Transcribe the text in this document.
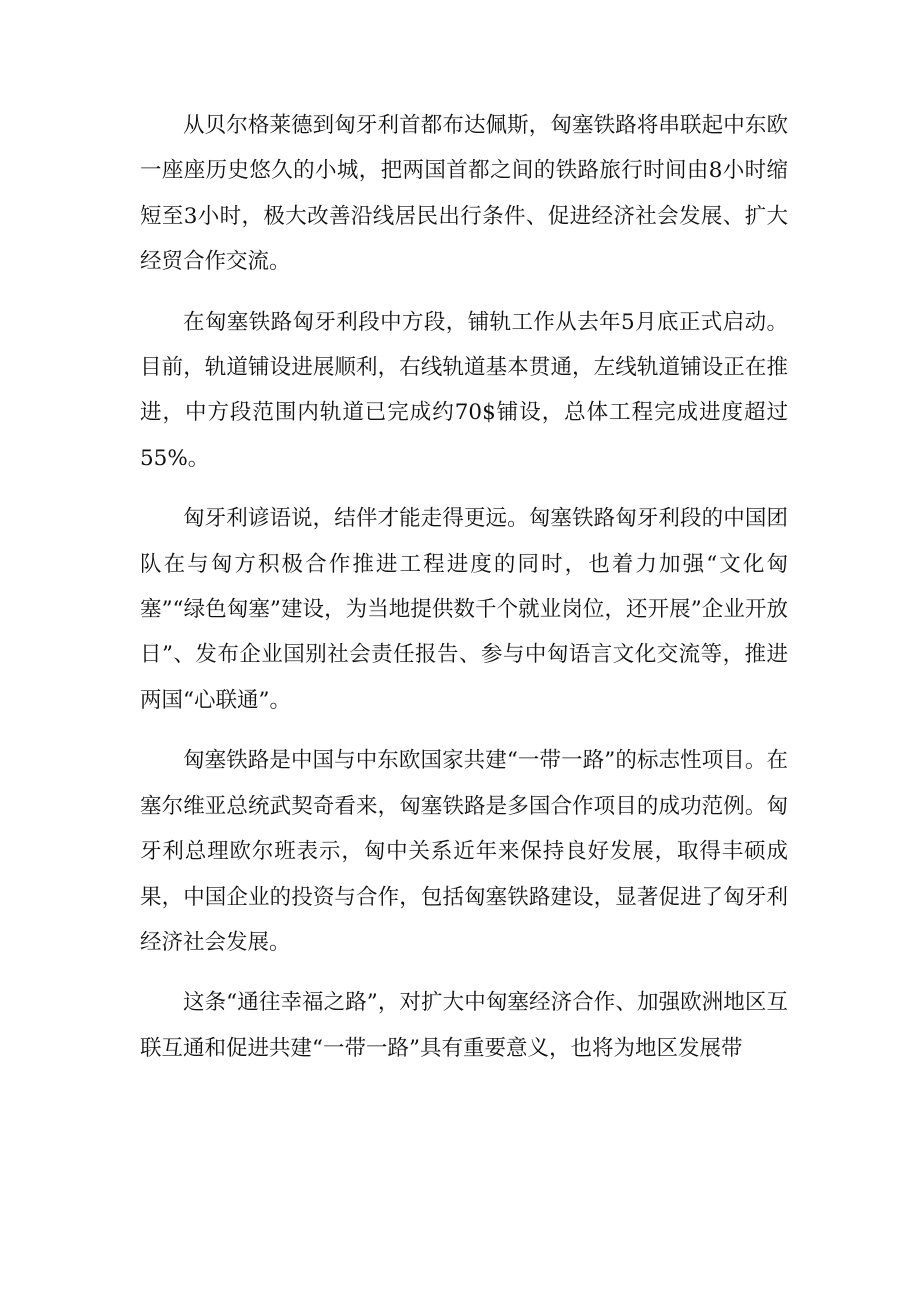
从贝尔格莱德到匈牙利首都布达佩斯，匈塞铁路将串联起中东欧一座座历史悠久的小城，把两国首都之间的铁路旅行时间由8小时缩短至3小时，极大改善沿线居民出行条件、促进经济社会发展、扩大经贸合作交流。

在匈塞铁路匈牙利段中方段，铺轨工作从去年5月底正式启动。目前，轨道铺设进展顺利，右线轨道基本贯通，左线轨道铺设正在推进，中方段范围内轨道已完成约70$铺设，总体工程完成进度超过55%。

匈牙利谚语说，结伴才能走得更远。匈塞铁路匈牙利段的中国团队在与匈方积极合作推进工程进度的同时，也着力加强“文化匈塞”“绿色匈塞”建设，为当地提供数千个就业岗位，还开展”企业开放日”、发布企业国别社会责任报告、参与中匈语言文化交流等，推进两国“心联通”。

匈塞铁路是中国与中东欧国家共建“一带一路”的标志性项目。在塞尔维亚总统武契奇看来，匈塞铁路是多国合作项目的成功范例。匈牙利总理欧尔班表示，匈中关系近年来保持良好发展，取得丰硕成果，中国企业的投资与合作，包括匈塞铁路建设，显著促进了匈牙利经济社会发展。

这条“通往幸福之路”，对扩大中匈塞经济合作、加强欧洲地区互联互通和促进共建“一带一路”具有重要意义，也将为地区发展带
